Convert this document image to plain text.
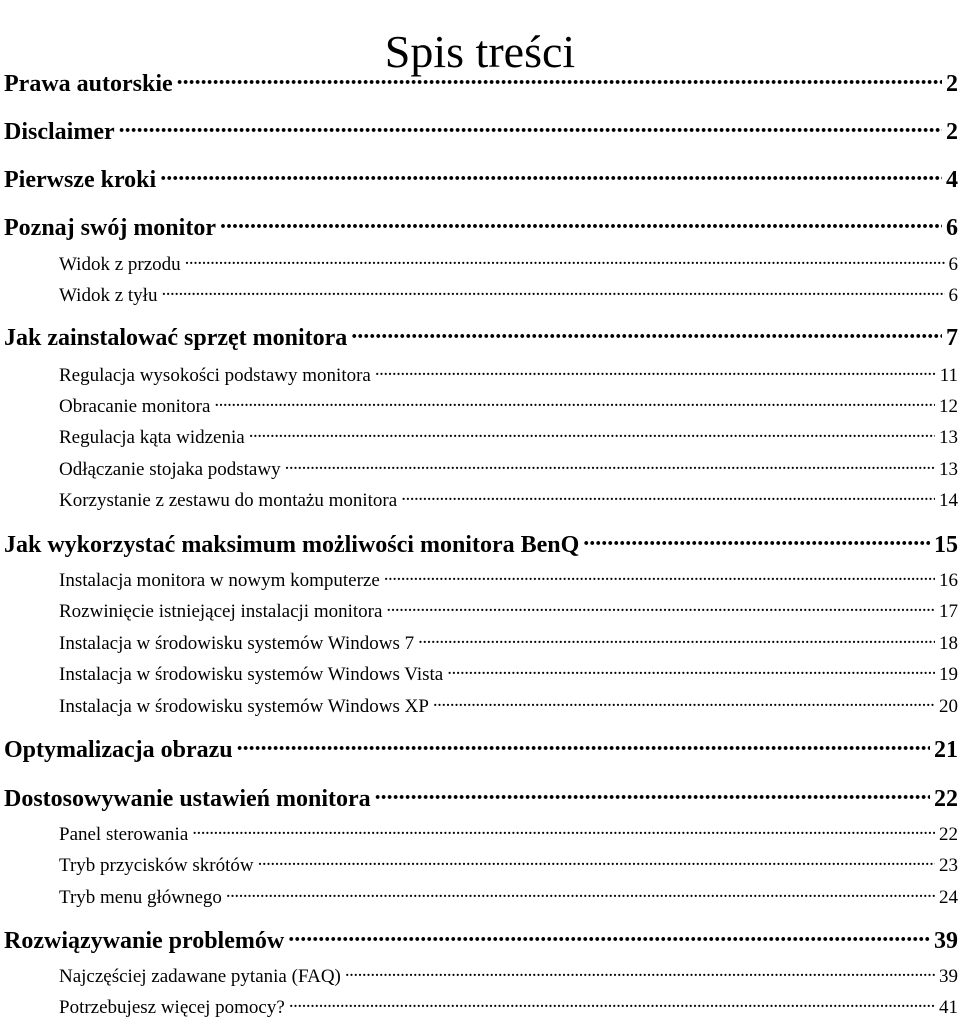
Spis treści
Prawa autorskie .....	2
Disclaimer .....	2
Pierwsze kroki .....	4
Poznaj swój monitor .....	6
Widok z przodu .....	6
Widok z tyłu .....	6
Jak zainstalować sprzęt monitora .....	7
Regulacja wysokości podstawy monitora .....	11
Obracanie monitora .....	12
Regulacja kąta widzenia .....	13
Odłączanie stojaka podstawy .....	13
Korzystanie z zestawu do montażu monitora .....	14
Jak wykorzystać maksimum możliwości monitora BenQ .....	15
Instalacja monitora w nowym komputerze .....	16
Rozwinięcie istniejącej instalacji monitora .....	17
Instalacja w środowisku systemów Windows 7 .....	18
Instalacja w środowisku systemów Windows Vista .....	19
Instalacja w środowisku systemów Windows XP .....	20
Optymalizacja obrazu .....	21
Dostosowywanie ustawień monitora .....	22
Panel sterowania .....	22
Tryb przycisków skrótów .....	23
Tryb menu głównego .....	24
Rozwiązywanie problemów .....	39
Najczęściej zadawane pytania (FAQ) .....	39
Potrzebujesz więcej pomocy? .....	41
